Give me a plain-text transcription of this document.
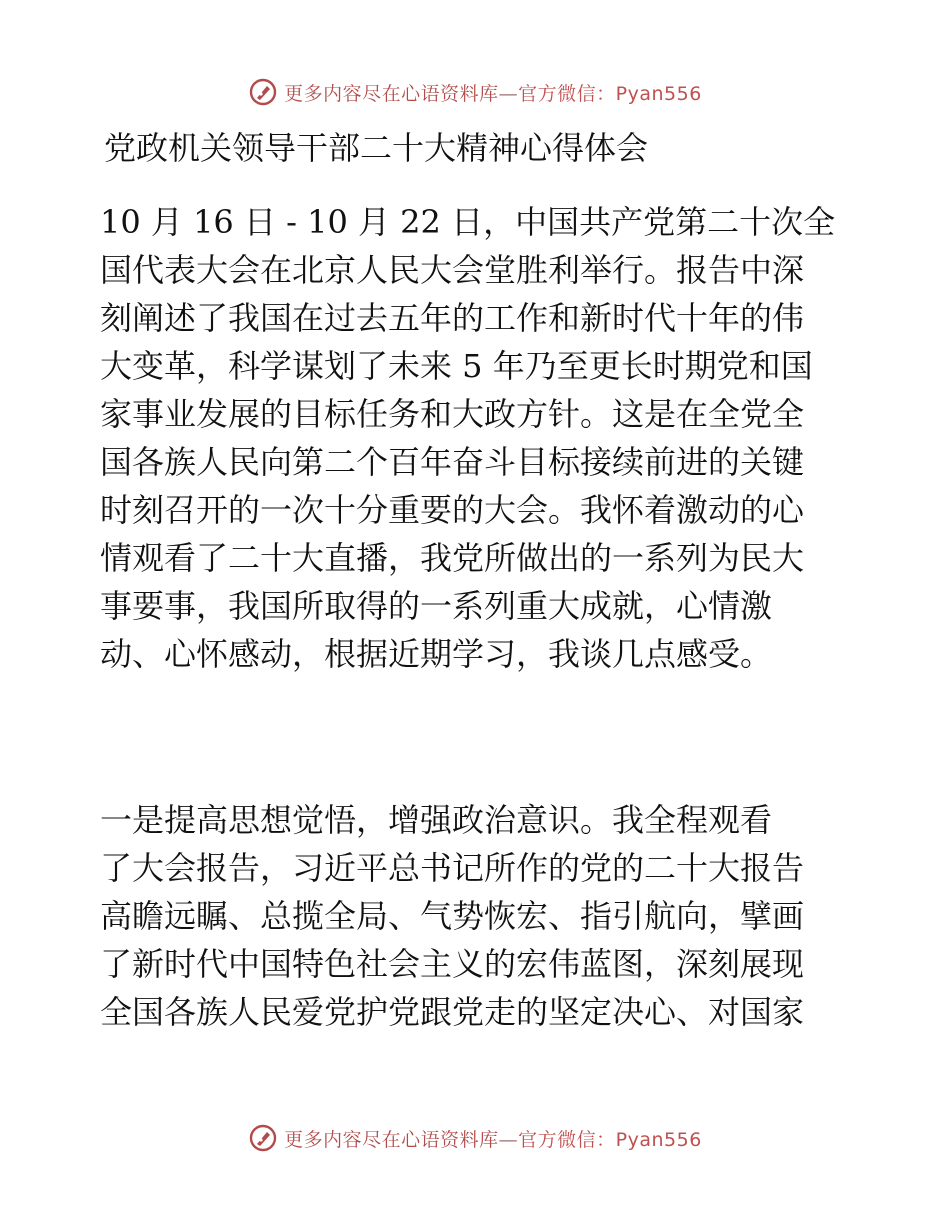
更多内容尽在心语资料库—官方微信：Pyan556
党政机关领导干部二十大精神心得体会
10 月 16 日 - 10 月 22 日，中国共产党第二十次全
国代表大会在北京人民大会堂胜利举行。报告中深
刻阐述了我国在过去五年的工作和新时代十年的伟
大变革，科学谋划了未来 5 年乃至更长时期党和国
家事业发展的目标任务和大政方针。这是在全党全
国各族人民向第二个百年奋斗目标接续前进的关键
时刻召开的一次十分重要的大会。我怀着激动的心
情观看了二十大直播，我党所做出的一系列为民大
事要事，我国所取得的一系列重大成就，心情激
动、心怀感动，根据近期学习，我谈几点感受。
一是提高思想觉悟，增强政治意识。我全程观看
了大会报告，习近平总书记所作的党的二十大报告
高瞻远瞩、总揽全局、气势恢宏、指引航向，擘画
了新时代中国特色社会主义的宏伟蓝图，深刻展现
全国各族人民爱党护党跟党走的坚定决心、对国家
更多内容尽在心语资料库—官方微信：Pyan556
